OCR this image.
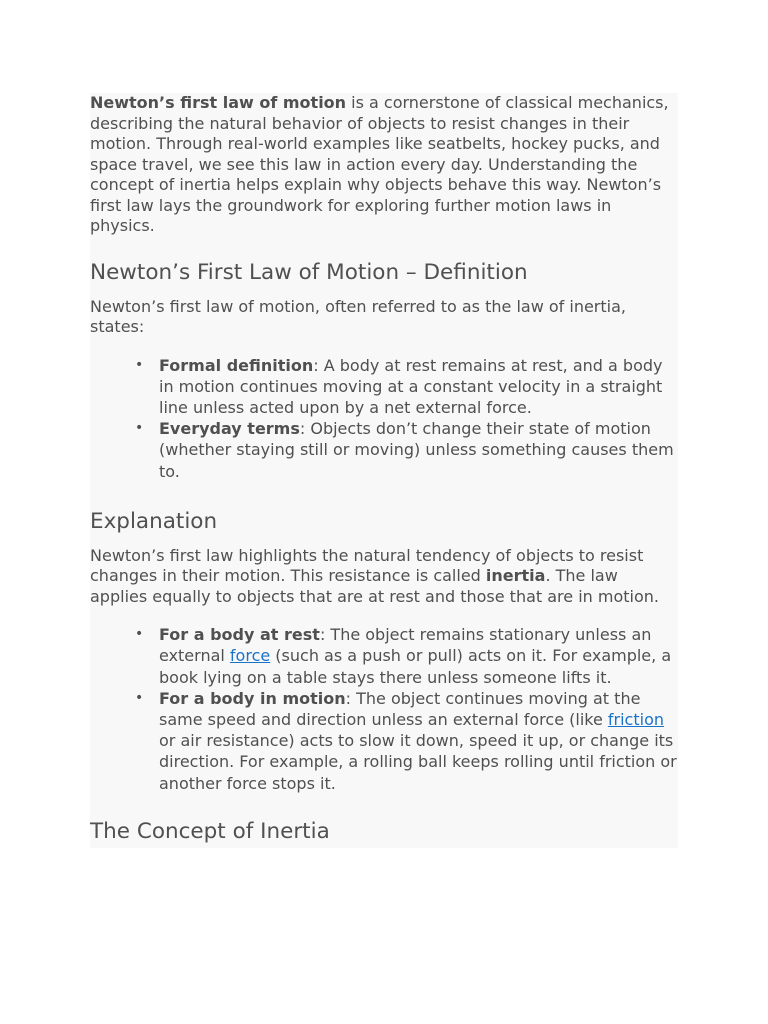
Newton’s first law of motion is a cornerstone of classical mechanics, describing the natural behavior of objects to resist changes in their motion. Through real-world examples like seatbelts, hockey pucks, and space travel, we see this law in action every day. Understanding the concept of inertia helps explain why objects behave this way. Newton’s first law lays the groundwork for exploring further motion laws in physics.

Newton’s First Law of Motion – Definition

Newton’s first law of motion, often referred to as the law of inertia, states:

• Formal definition: A body at rest remains at rest, and a body in motion continues moving at a constant velocity in a straight line unless acted upon by a net external force.
• Everyday terms: Objects don’t change their state of motion (whether staying still or moving) unless something causes them to.
Explanation

Newton’s first law highlights the natural tendency of objects to resist changes in their motion. This resistance is called inertia. The law applies equally to objects that are at rest and those that are in motion.

• For a body at rest: The object remains stationary unless an external force (such as a push or pull) acts on it. For example, a book lying on a table stays there unless someone lifts it.
• For a body in motion: The object continues moving at the same speed and direction unless an external force (like friction or air resistance) acts to slow it down, speed it up, or change its direction. For example, a rolling ball keeps rolling until friction or another force stops it.
The Concept of Inertia
